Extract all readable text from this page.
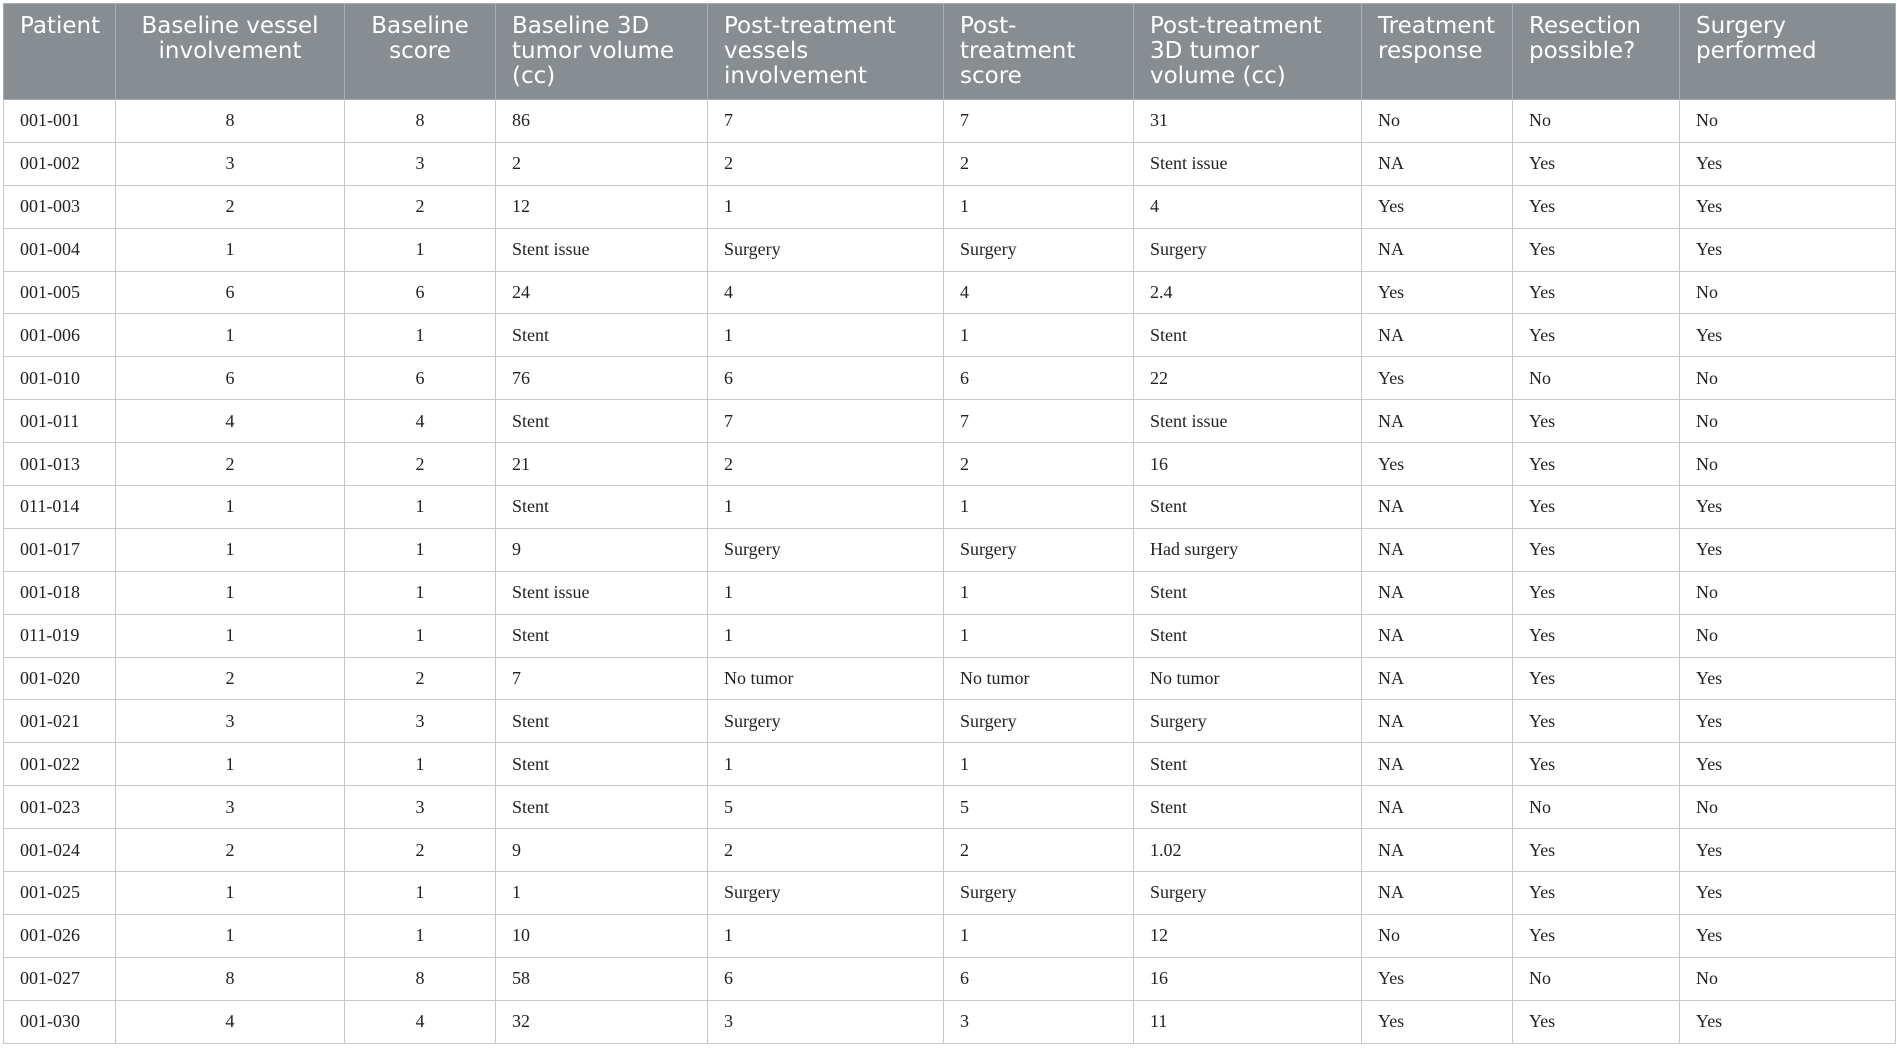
Patient	Baseline vessel involvement	Baseline score	Baseline 3D tumor volume (cc)	Post-treatment vessels involvement	Post-treatment score	Post-treatment 3D tumor volume (cc)	Treatment response	Resection possible?	Surgery performed
001-001	8	8	86	7	7	31	No	No	No
001-002	3	3	2	2	2	Stent issue	NA	Yes	Yes
001-003	2	2	12	1	1	4	Yes	Yes	Yes
001-004	1	1	Stent issue	Surgery	Surgery	Surgery	NA	Yes	Yes
001-005	6	6	24	4	4	2.4	Yes	Yes	No
001-006	1	1	Stent	1	1	Stent	NA	Yes	Yes
001-010	6	6	76	6	6	22	Yes	No	No
001-011	4	4	Stent	7	7	Stent issue	NA	Yes	No
001-013	2	2	21	2	2	16	Yes	Yes	No
011-014	1	1	Stent	1	1	Stent	NA	Yes	Yes
001-017	1	1	9	Surgery	Surgery	Had surgery	NA	Yes	Yes
001-018	1	1	Stent issue	1	1	Stent	NA	Yes	No
011-019	1	1	Stent	1	1	Stent	NA	Yes	No
001-020	2	2	7	No tumor	No tumor	No tumor	NA	Yes	Yes
001-021	3	3	Stent	Surgery	Surgery	Surgery	NA	Yes	Yes
001-022	1	1	Stent	1	1	Stent	NA	Yes	Yes
001-023	3	3	Stent	5	5	Stent	NA	No	No
001-024	2	2	9	2	2	1.02	NA	Yes	Yes
001-025	1	1	1	Surgery	Surgery	Surgery	NA	Yes	Yes
001-026	1	1	10	1	1	12	No	Yes	Yes
001-027	8	8	58	6	6	16	Yes	No	No
001-030	4	4	32	3	3	11	Yes	Yes	Yes
